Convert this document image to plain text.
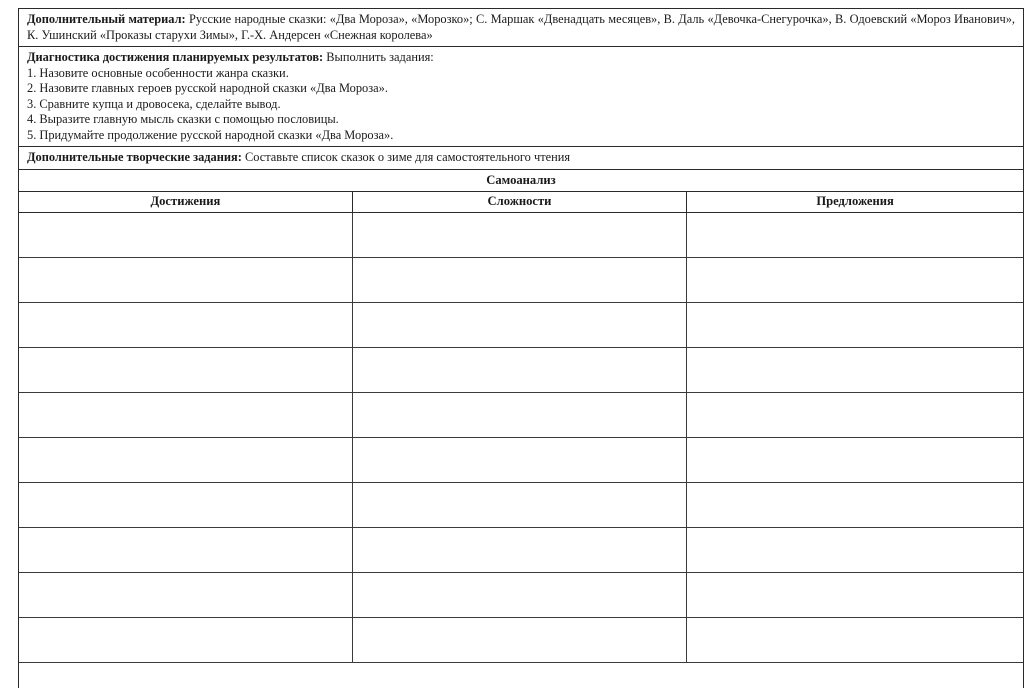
Дополнительный материал: Русские народные сказки: «Два Мороза», «Морозко»; С. Маршак «Двенадцать месяцев», В. Даль «Девочка-Снегурочка», В. Одоевский «Мороз Иванович», К. Ушинский «Проказы старухи Зимы», Г.-Х. Андерсен «Снежная королева»
Диагностика достижения планируемых результатов: Выполнить задания:
1. Назовите основные особенности жанра сказки.
2. Назовите главных героев русской народной сказки «Два Мороза».
3. Сравните купца и дровосека, сделайте вывод.
4. Выразите главную мысль сказки с помощью пословицы.
5. Придумайте продолжение русской народной сказки «Два Мороза».
Дополнительные творческие задания: Составьте список сказок о зиме для самостоятельного чтения
Самоанализ
Достижения	Сложности	Предложения
